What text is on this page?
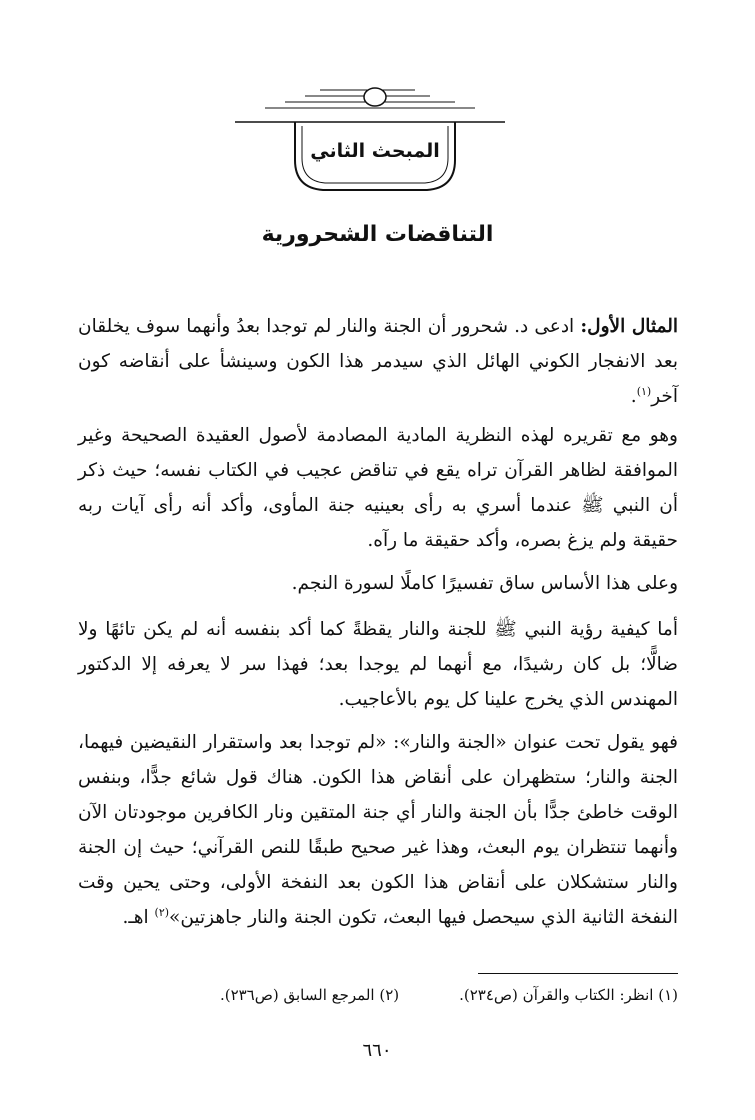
المبحث الثاني
التناقضات الشحرورية
المثال الأول: ادعى د. شحرور أن الجنة والنار لم توجدا بعدُ وأنهما سوف يخلقان بعد الانفجار الكوني الهائل الذي سيدمر هذا الكون وسينشأ على أنقاضه كون آخر$^{(١)}$.
وهو مع تقريره لهذه النظرية المادية المصادمة لأصول العقيدة الصحيحة وغير الموافقة لظاهر القرآن تراه يقع في تناقض عجيب في الكتاب نفسه؛ حيث ذكر أن النبي ﷺ عندما أسري به رأى بعينيه جنة المأوى، وأكد أنه رأى آيات ربه حقيقة ولم يزغ بصره، وأكد حقيقة ما رآه.
وعلى هذا الأساس ساق تفسيرًا كاملًا لسورة النجم.
أما كيفية رؤية النبي ﷺ للجنة والنار يقظةً كما أكد بنفسه أنه لم يكن تائهًا ولا ضالًّا؛ بل كان رشيدًا، مع أنهما لم يوجدا بعد؛ فهذا سر لا يعرفه إلا الدكتور المهندس الذي يخرج علينا كل يوم بالأعاجيب.
فهو يقول تحت عنوان «الجنة والنار»: «لم توجدا بعد واستقرار النقيضين فيهما، الجنة والنار؛ ستظهران على أنقاض هذا الكون. هناك قول شائع جدًّا، وبنفس الوقت خاطئ جدًّا بأن الجنة والنار أي جنة المتقين ونار الكافرين موجودتان الآن وأنهما تنتظران يوم البعث، وهذا غير صحيح طبقًا للنص القرآني؛ حيث إن الجنة والنار ستشكلان على أنقاض هذا الكون بعد النفخة الأولى، وحتى يحين وقت النفخة الثانية الذي سيحصل فيها البعث، تكون الجنة والنار جاهزتين»$^{(٢)}$ اهـ.
(١) انظر: الكتاب والقرآن (ص٢٣٤).(٢) المرجع السابق (ص٢٣٦).
٦٦٠
